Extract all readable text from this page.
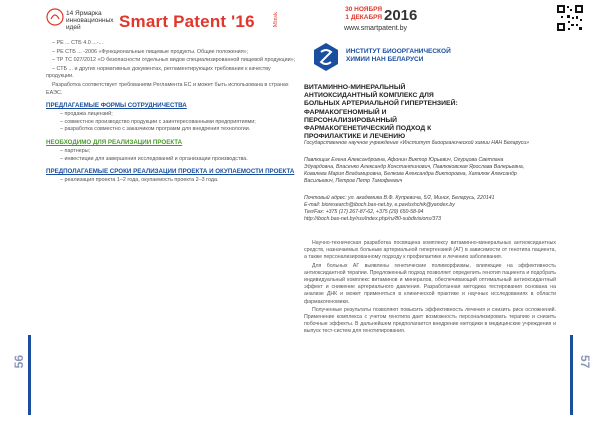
14 Ярмарка инновационных идей	Smart Patent '16	Minsk
30 НОЯБРЯ
1 ДЕКАБРЯ 2016
www.smartpatent.by

– РЕ ... СТБ 4.0 ...-...

– РЕ СТБ ... -2006 «Функциональные пищевые продукты. Общие положения»;

– ТР ТС 027/2012 «О безопасности отдельных видов специализированной пищевой продукции»;

– СТБ ... и других нормативных документах, регламентирующих требования к качеству продукции.

Разработка соответствует требованиям Регламента ЕС и может быть использована в странах ЕАЭС.

ПРЕДЛАГАЕМЫЕ ФОРМЫ СОТРУДНИЧЕСТВА

– продажа лицензий;

– совместное производство продукции с заинтересованными предприятиями;

– разработка совместно с заказчиком программ для внедрения технологии.

НЕОБХОДИМО ДЛЯ РЕАЛИЗАЦИИ ПРОЕКТА

– партнеры;

– инвестиции для завершения исследований и организации производства.

ПРЕДПОЛАГАЕМЫЕ СРОКИ РЕАЛИЗАЦИИ ПРОЕКТА И ОКУПАЕМОСТИ ПРОЕКТА

– реализация проекта 1–2 года, окупаемость проекта 2–3 года.

56
ИНСТИТУТ БИООРГАНИЧЕСКОЙ ХИМИИ НАН БЕЛАРУСИ
ВИТАМИННО-МИНЕРАЛЬНЫЙ АНТИОКСИДАНТНЫЙ КОМПЛЕКС ДЛЯ БОЛЬНЫХ АРТЕРИАЛЬНОЙ ГИПЕРТЕНЗИЕЙ: ФАРМАКОГЕНОМНЫЙ И ПЕРСОНАЛИЗИРОВАННЫЙ ФАРМАКОГЕНЕТИЧЕСКИЙ ПОДХОД К ПРОФИЛАКТИКЕ И ЛЕЧЕНИЮ
Государственное научное учреждение «Институт биоорганической химии НАН Беларуси»
Павлющик Елена Александровна, Афонин Виктор Юрьевич, Огурцова Светлана Эдуардовна, Власенко Александр Константинович, Павлюковская Ярослава Валерьевна, Ковалева Мария Владимировна, Белкова Александра Викторовна, Хапалюк Александр Васильевич, Петров Петр Тимофеевич
Почтовый адрес: ул. академика В.Ф. Купревича, 5/2, Минск, Беларусь, 220141
E-mail: bioresearch@iboch.bas-net.by, e.pavlushchik@yandex.by
Тел/Fax: +375 (17) 267-87-62, +375 (29) 650-58-94
http://iboch.bas-net.by/rus/index.php/ru/80-subdivisions/373

Научно-техническая разработка посвящена комплексу витаминно-минеральных антиоксидантных средств, назначаемых больным артериальной гипертензией (АГ) в зависимости от генотипа пациента, а также персонализированному подходу к профилактике и лечению заболевания.

Для больных АГ выявлены генетические полиморфизмы, влияющие на эффективность антиоксидантной терапии. Предложенный подход позволяет определить генотип пациента и подобрать индивидуальный комплекс витаминов и минералов, обеспечивающий оптимальный антиоксидантный эффект и снижение артериального давления. Разработанная методика тестирования основана на анализе ДНК и может применяться в клинической практике и научных исследованиях в области фармакогеномики.

Полученные результаты позволяют повысить эффективность лечения и снизить риск осложнений. Применение комплекса с учетом генотипа дает возможность персонализировать терапию и снизить побочные эффекты. В дальнейшем предполагается внедрение методики в медицинские учреждения и выпуск тест-систем для генотипирования.

57
